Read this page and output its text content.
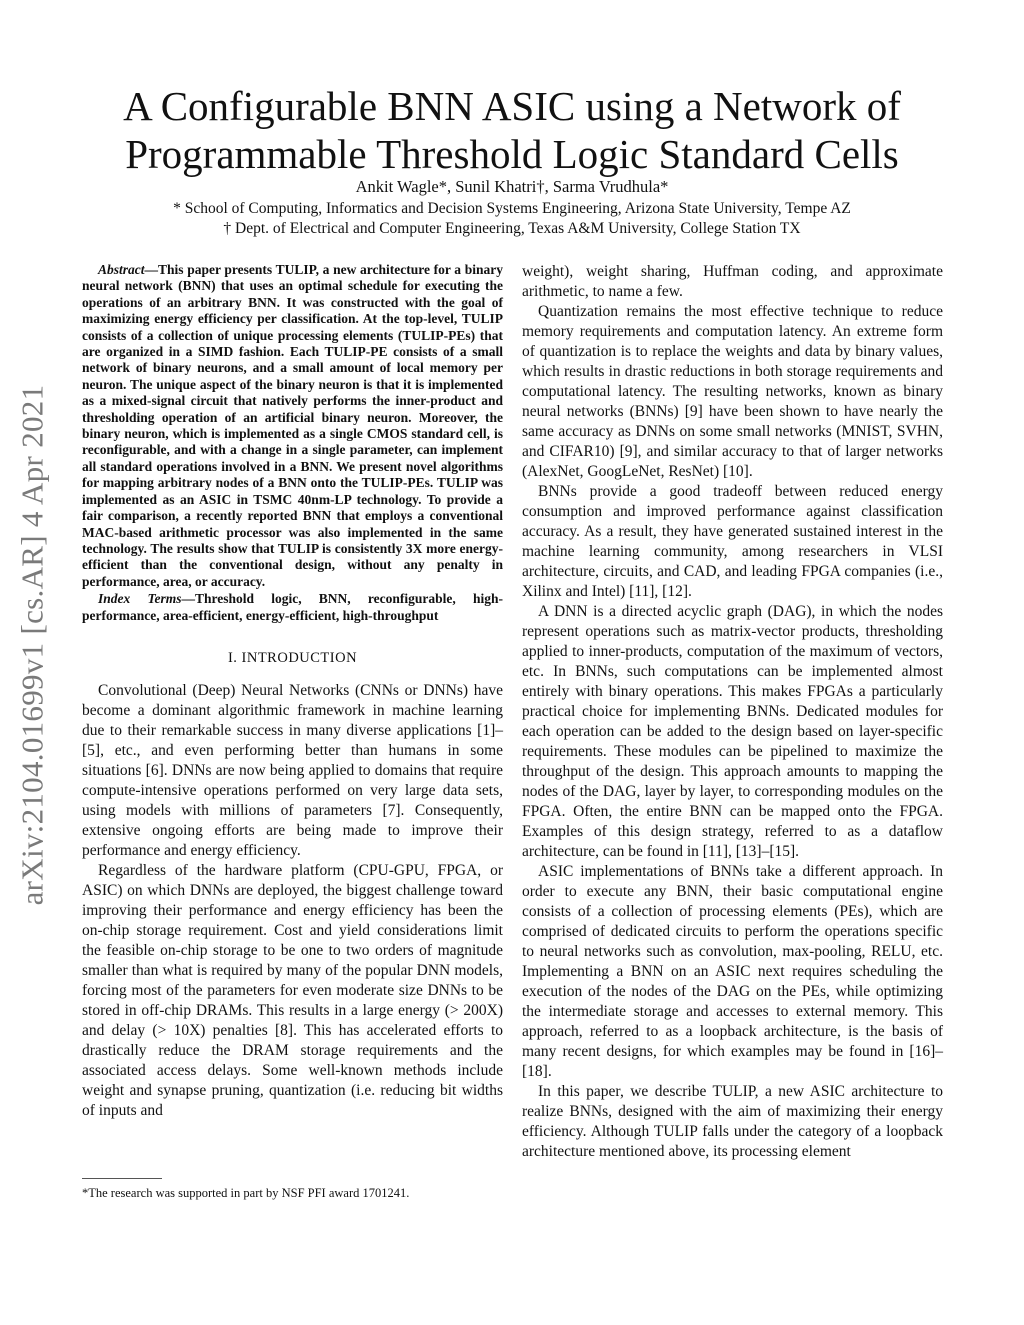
arXiv:2104.01699v1 [cs.AR] 4 Apr 2021
A Configurable BNN ASIC using a Network of
Programmable Threshold Logic Standard Cells
Ankit Wagle*, Sunil Khatri†, Sarma Vrudhula*
* School of Computing, Informatics and Decision Systems Engineering, Arizona State University, Tempe AZ
† Dept. of Electrical and Computer Engineering, Texas A&M University, College Station TX

Abstract—This paper presents TULIP, a new architecture for a binary neural network (BNN) that uses an optimal schedule for executing the operations of an arbitrary BNN. It was constructed with the goal of maximizing energy efficiency per classification. At the top-level, TULIP consists of a collection of unique processing elements (TULIP-PEs) that are organized in a SIMD fashion. Each TULIP-PE consists of a small network of binary neurons, and a small amount of local memory per neuron. The unique aspect of the binary neuron is that it is implemented as a mixed-signal circuit that natively performs the inner-product and thresholding operation of an artificial binary neuron. Moreover, the binary neuron, which is implemented as a single CMOS standard cell, is reconfigurable, and with a change in a single parameter, can implement all standard operations involved in a BNN. We present novel algorithms for mapping arbitrary nodes of a BNN onto the TULIP-PEs. TULIP was implemented as an ASIC in TSMC 40nm-LP technology. To provide a fair comparison, a recently reported BNN that employs a conventional MAC-based arithmetic processor was also implemented in the same technology. The results show that TULIP is consistently 3X more energy-efficient than the conventional design, without any penalty in performance, area, or accuracy.

Index Terms—Threshold logic, BNN, reconfigurable, high-performance, area-efficient, energy-efficient, high-throughput

I. INTRODUCTION

Convolutional (Deep) Neural Networks (CNNs or DNNs) have become a dominant algorithmic framework in machine learning due to their remarkable success in many diverse applications [1]–[5], etc., and even performing better than humans in some situations [6]. DNNs are now being applied to domains that require compute-intensive operations performed on very large data sets, using models with millions of parameters [7]. Consequently, extensive ongoing efforts are being made to improve their performance and energy efficiency.

Regardless of the hardware platform (CPU-GPU, FPGA, or ASIC) on which DNNs are deployed, the biggest challenge toward improving their performance and energy efficiency has been the on-chip storage requirement. Cost and yield considerations limit the feasible on-chip storage to be one to two orders of magnitude smaller than what is required by many of the popular DNN models, forcing most of the parameters for even moderate size DNNs to be stored in off-chip DRAMs. This results in a large energy (> 200X) and delay (> 10X) penalties [8]. This has accelerated efforts to drastically reduce the DRAM storage requirements and the associated access delays. Some well-known methods include weight and synapse pruning, quantization (i.e. reducing bit widths of inputs and

weight), weight sharing, Huffman coding, and approximate arithmetic, to name a few.

Quantization remains the most effective technique to reduce memory requirements and computation latency. An extreme form of quantization is to replace the weights and data by binary values, which results in drastic reductions in both storage requirements and computational latency. The resulting networks, known as binary neural networks (BNNs) [9] have been shown to have nearly the same accuracy as DNNs on some small networks (MNIST, SVHN, and CIFAR10) [9], and similar accuracy to that of larger networks (AlexNet, GoogLeNet, ResNet) [10].

BNNs provide a good tradeoff between reduced energy consumption and improved performance against classification accuracy. As a result, they have generated sustained interest in the machine learning community, among researchers in VLSI architecture, circuits, and CAD, and leading FPGA companies (i.e., Xilinx and Intel) [11], [12].

A DNN is a directed acyclic graph (DAG), in which the nodes represent operations such as matrix-vector products, thresholding applied to inner-products, computation of the maximum of vectors, etc. In BNNs, such computations can be implemented almost entirely with binary operations. This makes FPGAs a particularly practical choice for implementing BNNs. Dedicated modules for each operation can be added to the design based on layer-specific requirements. These modules can be pipelined to maximize the throughput of the design. This approach amounts to mapping the nodes of the DAG, layer by layer, to corresponding modules on the FPGA. Often, the entire BNN can be mapped onto the FPGA. Examples of this design strategy, referred to as a dataflow architecture, can be found in [11], [13]–[15].

ASIC implementations of BNNs take a different approach. In order to execute any BNN, their basic computational engine consists of a collection of processing elements (PEs), which are comprised of dedicated circuits to perform the operations specific to neural networks such as convolution, max-pooling, RELU, etc. Implementing a BNN on an ASIC next requires scheduling the execution of the nodes of the DAG on the PEs, while optimizing the intermediate storage and accesses to external memory. This approach, referred to as a loopback architecture, is the basis of many recent designs, for which examples may be found in [16]–[18].

In this paper, we describe TULIP, a new ASIC architecture to realize BNNs, designed with the aim of maximizing their energy efficiency. Although TULIP falls under the category of a loopback architecture mentioned above, its processing element

*The research was supported in part by NSF PFI award 1701241.
